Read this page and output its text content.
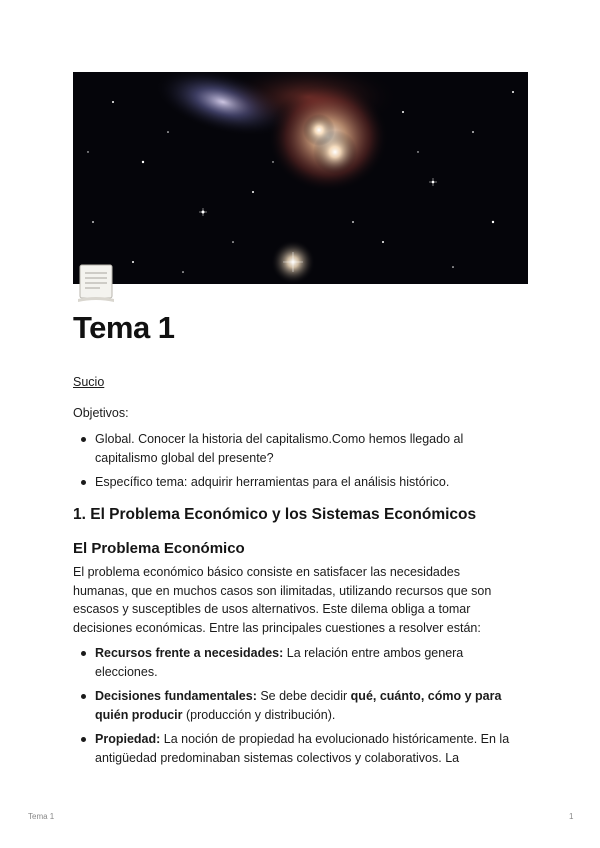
Tema 1
Sucio

Objetivos:

Global. Conocer la historia del capitalismo.Como hemos llegado al
capitalismo global del presente?
Específico tema: adquirir herramientas para el análisis histórico.
1. El Problema Económico y los Sistemas Económicos
El Problema Económico

El problema económico básico consiste en satisfacer las necesidades
humanas, que en muchos casos son ilimitadas, utilizando recursos que son
escasos y susceptibles de usos alternativos. Este dilema obliga a tomar
decisiones económicas. Entre las principales cuestiones a resolver están:

Recursos frente a necesidades: La relación entre ambos genera
elecciones.
Decisiones fundamentales: Se debe decidir qué, cuánto, cómo y para
quién producir (producción y distribución).
Propiedad: La noción de propiedad ha evolucionado históricamente. En la
antigüedad predominaban sistemas colectivos y colaborativos. La
Tema 1	1
